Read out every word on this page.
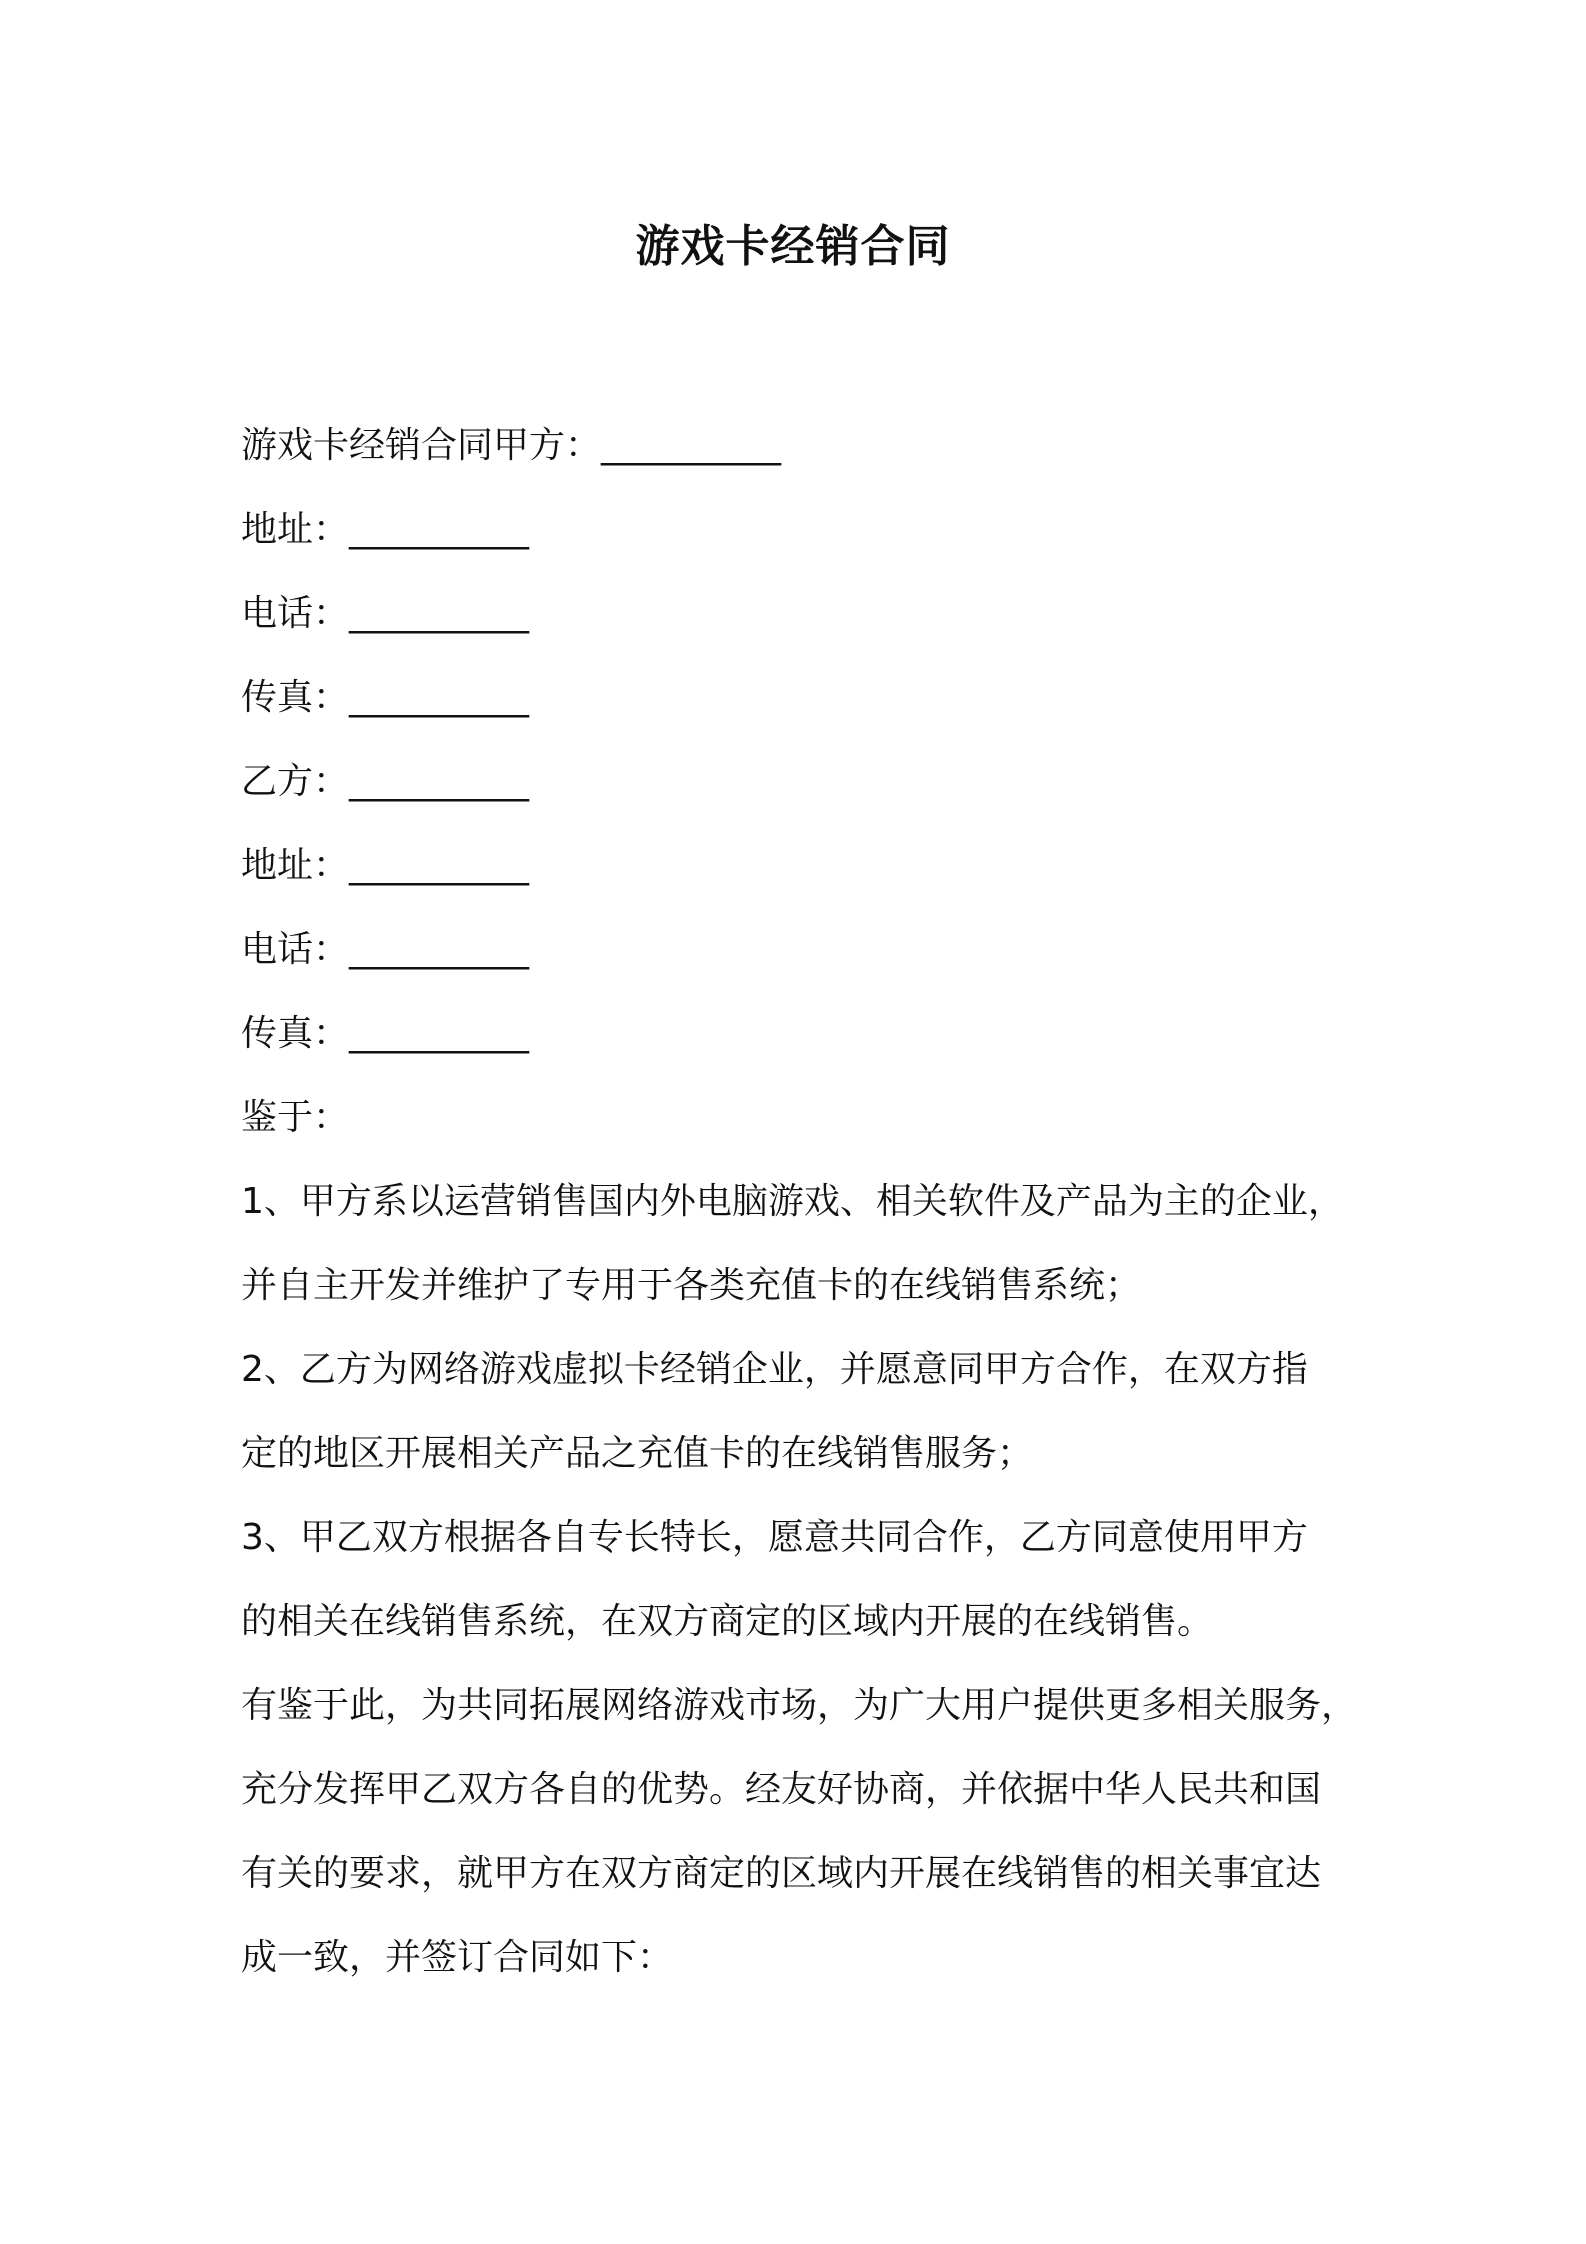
游戏卡经销合同
游戏卡经销合同甲方：__________
地址：__________
电话：__________
传真：__________
乙方：__________
地址：__________
电话：__________
传真：__________
鉴于：
1、甲方系以运营销售国内外电脑游戏、相关软件及产品为主的企业，
并自主开发并维护了专用于各类充值卡的在线销售系统；
2、乙方为网络游戏虚拟卡经销企业，并愿意同甲方合作，在双方指
定的地区开展相关产品之充值卡的在线销售服务；
3、甲乙双方根据各自专长特长，愿意共同合作，乙方同意使用甲方
的相关在线销售系统，在双方商定的区域内开展的在线销售。
有鉴于此，为共同拓展网络游戏市场，为广大用户提供更多相关服务，
充分发挥甲乙双方各自的优势。经友好协商，并依据中华人民共和国
有关的要求，就甲方在双方商定的区域内开展在线销售的相关事宜达
成一致，并签订合同如下：
